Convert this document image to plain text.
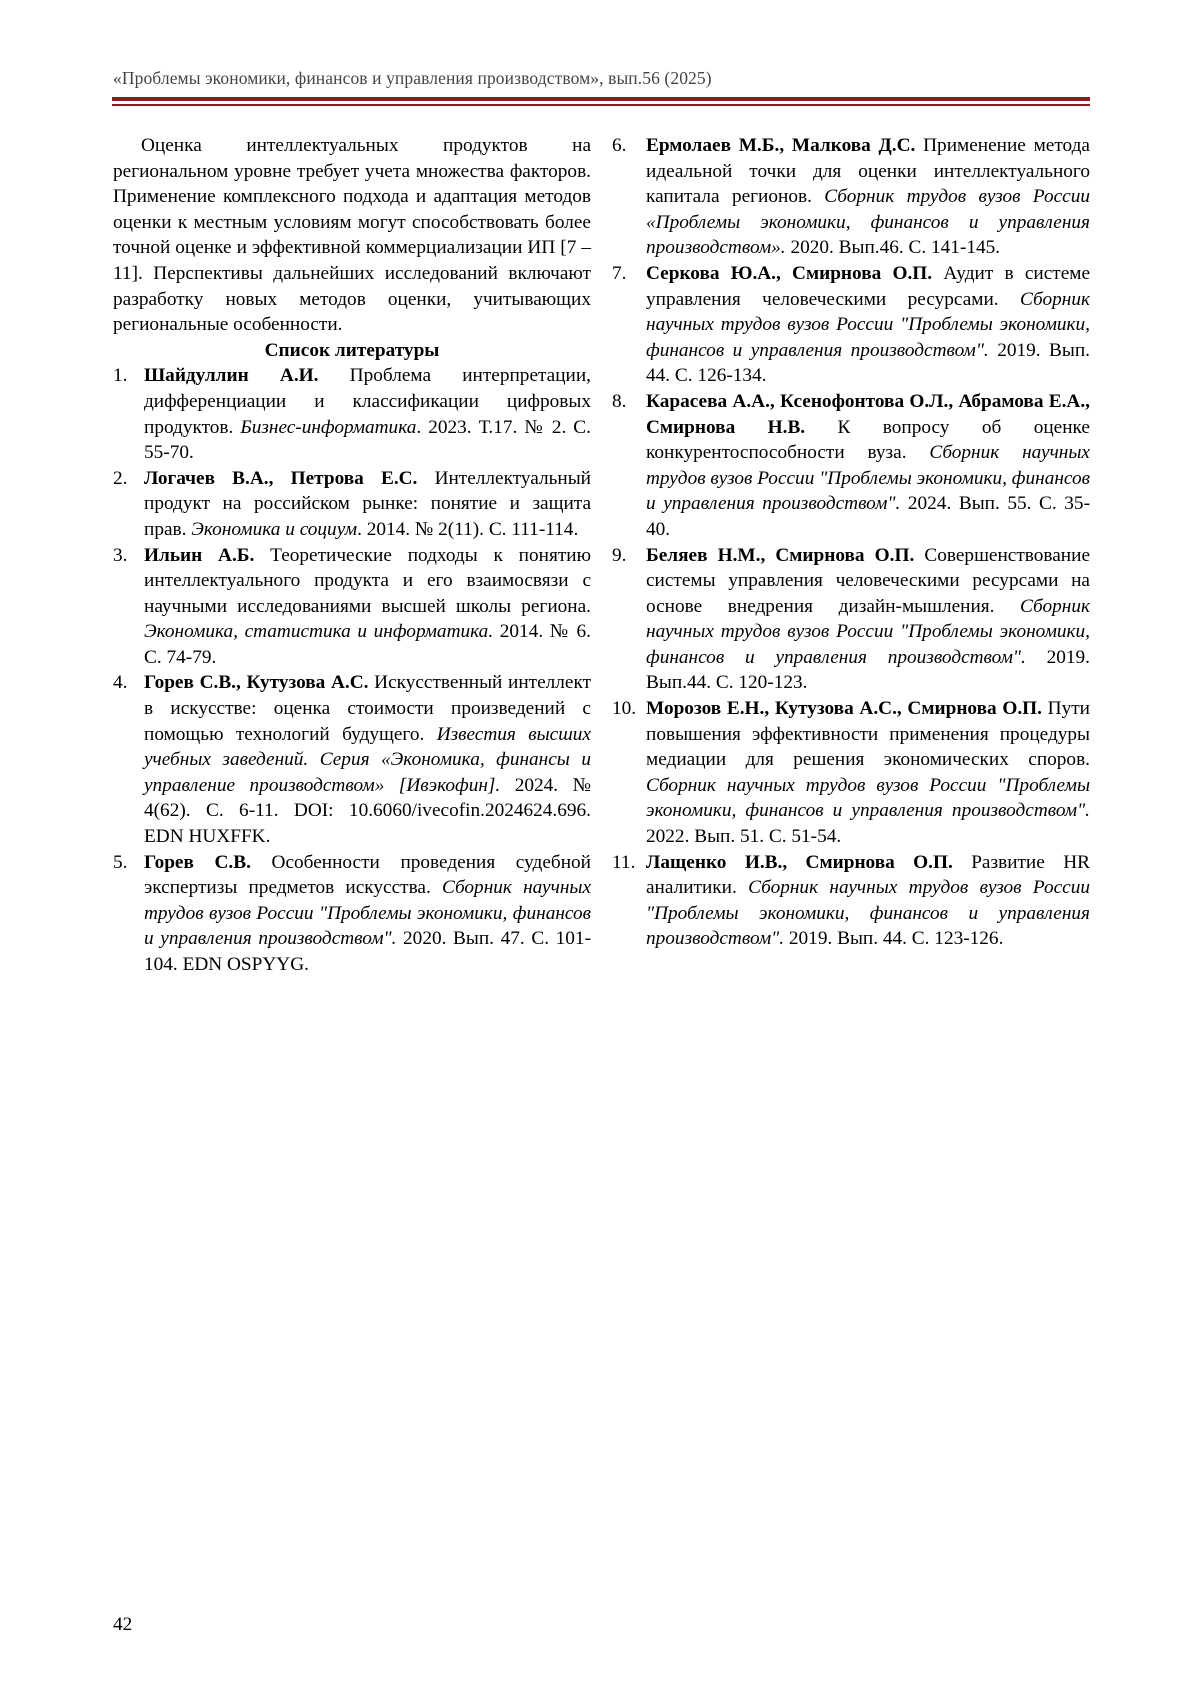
«Проблемы экономики, финансов и управления производством», вып.56 (2025)

Оценка интеллектуальных продуктов на региональном уровне требует учета множества факторов. Применение комплексного подхода и адаптация методов оценки к местным условиям могут способствовать более точной оценке и эффективной коммерциализации ИП [7 – 11]. Перспективы дальнейших исследований включают разработку новых методов оценки, учитывающих региональные особенности.

Список литературы

1. Шайдуллин А.И. Проблема интерпретации, дифференциации и классификации цифровых продуктов. Бизнес-информатика. 2023. Т.17. № 2. С. 55-70.
2. Логачев В.А., Петрова Е.С. Интеллектуальный продукт на российском рынке: понятие и защита прав. Экономика и социум. 2014. № 2(11). С. 111-114.
3. Ильин А.Б. Теоретические подходы к понятию интеллектуального продукта и его взаимосвязи с научными исследованиями высшей школы региона. Экономика, статистика и информатика. 2014. № 6. С. 74-79.
4. Горев С.В., Кутузова А.С. Искусственный интеллект в искусстве: оценка стоимости произведений с помощью технологий будущего. Известия высших учебных заведений. Серия «Экономика, финансы и управление производством» [Ивэкофин]. 2024. № 4(62). С. 6-11. DOI: 10.6060/ivecofin.2024624.696. EDN HUXFFK.
5. Горев С.В. Особенности проведения судебной экспертизы предметов искусства. Сборник научных трудов вузов России "Проблемы экономики, финансов и управления производством". 2020. Вып. 47. С. 101-104. EDN OSPYYG.
6. Ермолаев М.Б., Малкова Д.С. Применение метода идеальной точки для оценки интеллектуального капитала регионов. Сборник трудов вузов России «Проблемы экономики, финансов и управления производством». 2020. Вып.46. С. 141-145.
7. Серкова Ю.А., Смирнова О.П. Аудит в системе управления человеческими ресурсами. Сборник научных трудов вузов России "Проблемы экономики, финансов и управления производством". 2019. Вып. 44. С. 126-134.
8. Карасева А.А., Ксенофонтова О.Л., Абрамова Е.А., Смирнова Н.В. К вопросу об оценке конкурентоспособности вуза. Сборник научных трудов вузов России "Проблемы экономики, финансов и управления производством". 2024. Вып. 55. С. 35-40.
9. Беляев Н.М., Смирнова О.П. Совершенствование системы управления человеческими ресурсами на основе внедрения дизайн-мышления. Сборник научных трудов вузов России "Проблемы экономики, финансов и управления производством". 2019. Вып.44. С. 120-123.
10. Морозов Е.Н., Кутузова А.С., Смирнова О.П. Пути повышения эффективности применения процедуры медиации для решения экономических споров. Сборник научных трудов вузов России "Проблемы экономики, финансов и управления производством". 2022. Вып. 51. С. 51-54.
11. Лащенко И.В., Смирнова О.П. Развитие HR аналитики. Сборник научных трудов вузов России "Проблемы экономики, финансов и управления производством". 2019. Вып. 44. С. 123-126.
42
